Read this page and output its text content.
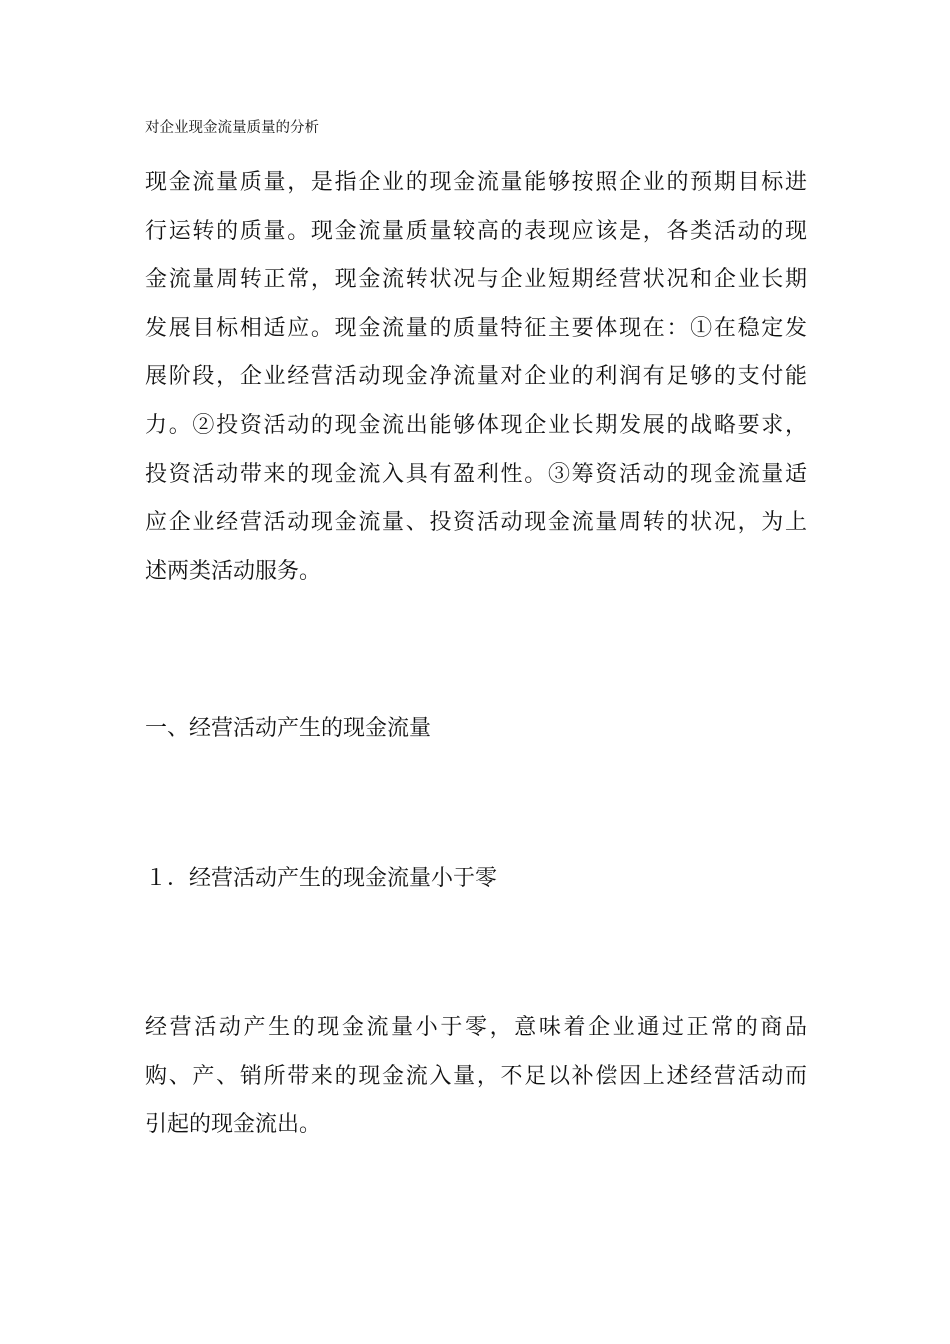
对企业现金流量质量的分析

现金流量质量，是指企业的现金流量能够按照企业的预期目标进
行运转的质量。现金流量质量较高的表现应该是，各类活动的现
金流量周转正常，现金流转状况与企业短期经营状况和企业长期
发展目标相适应。现金流量的质量特征主要体现在：①在稳定发
展阶段，企业经营活动现金净流量对企业的利润有足够的支付能
力。②投资活动的现金流出能够体现企业长期发展的战略要求，
投资活动带来的现金流入具有盈利性。③筹资活动的现金流量适
应企业经营活动现金流量、投资活动现金流量周转的状况，为上
述两类活动服务。

一、经营活动产生的现金流量
１．经营活动产生的现金流量小于零

经营活动产生的现金流量小于零，意味着企业通过正常的商品
购、产、销所带来的现金流入量，不足以补偿因上述经营活动而
引起的现金流出。
